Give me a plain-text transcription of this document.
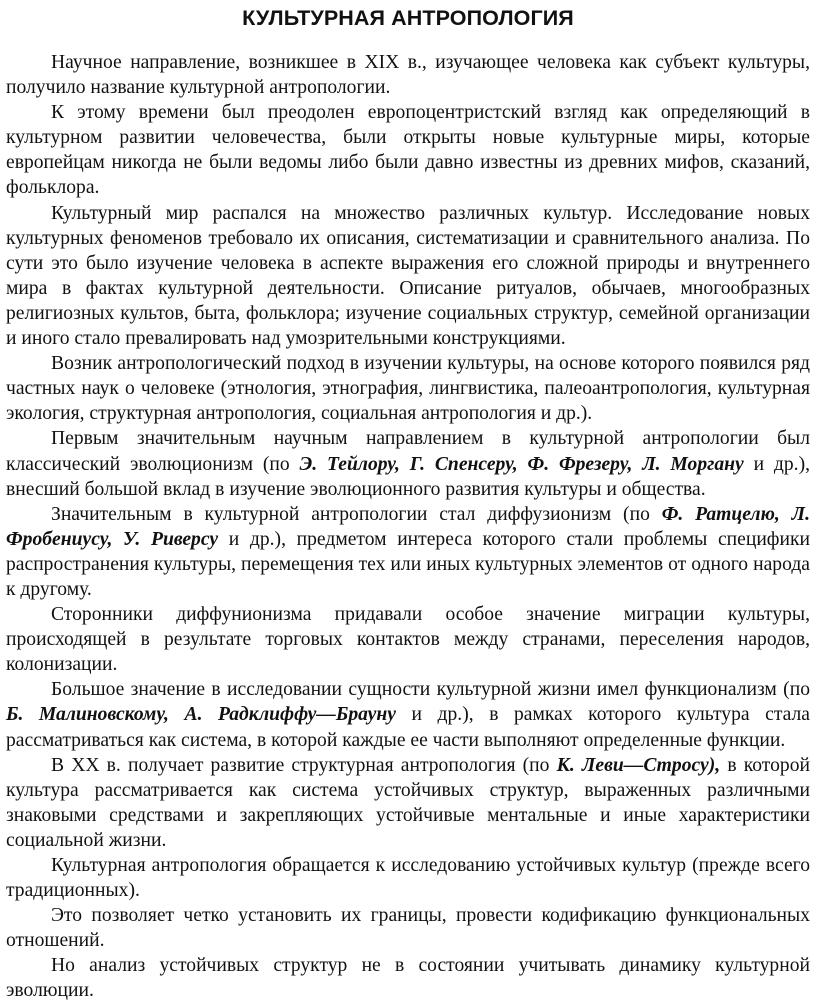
КУЛЬТУРНАЯ АНТРОПОЛОГИЯ

Научное направление, возникшее в XIX в., изучающее человека как субъект культуры, получило название культурной антропологии.

К этому времени был преодолен европоцентристский взгляд как определяющий в культурном развитии человечества, были открыты новые культурные миры, которые европейцам никогда не были ведомы либо были давно известны из древних мифов, сказаний, фольклора.

Культурный мир распался на множество различных культур. Исследование новых культурных феноменов требовало их описания, систематизации и сравнительного анализа. По сути это было изучение человека в аспекте выражения его сложной природы и внутреннего мира в фактах культурной деятельности. Описание ритуалов, обычаев, многообразных религиозных культов, быта, фольклора; изучение социальных структур, семейной организации и иного стало превалировать над умозрительными конструкциями.

Возник антропологический подход в изучении культуры, на основе которого появился ряд частных наук о человеке (этнология, этнография, лингвистика, палеоантропология, культурная экология, структурная антропология, социальная антропология и др.).

Первым значительным научным направлением в культурной антропологии был классический эволюционизм (по Э. Тейлору, Г. Спенсеру, Ф. Фрезеру, Л. Моргану и др.), внесший большой вклад в изучение эволюционного развития культуры и общества.

Значительным в культурной антропологии стал диффузионизм (по Ф. Ратцелю, Л. Фробениусу, У. Риверсу и др.), предметом интереса которого стали проблемы специфики распространения культуры, перемещения тех или иных культурных элементов от одного народа к другому.

Сторонники диффунионизма придавали особое значение миграции культуры, происходящей в результате торговых контактов между странами, переселения народов, колонизации.

Большое значение в исследовании сущности культурной жизни имел функционализм (по Б. Малиновскому, А. Радклиффу—Брауну и др.), в рамках которого культура стала рассматриваться как система, в которой каждые ее части выполняют определенные функции.

В XX в. получает развитие структурная антропология (по К. Леви—Стросу), в которой культура рассматривается как система устойчивых структур, выраженных различными знаковыми средствами и закрепляющих устойчивые ментальные и иные характеристики социальной жизни.

Культурная антропология обращается к исследованию устойчивых культур (прежде всего традиционных).

Это позволяет четко установить их границы, провести кодификацию функциональных отношений.

Но анализ устойчивых структур не в состоянии учитывать динамику культурной эволюции.
